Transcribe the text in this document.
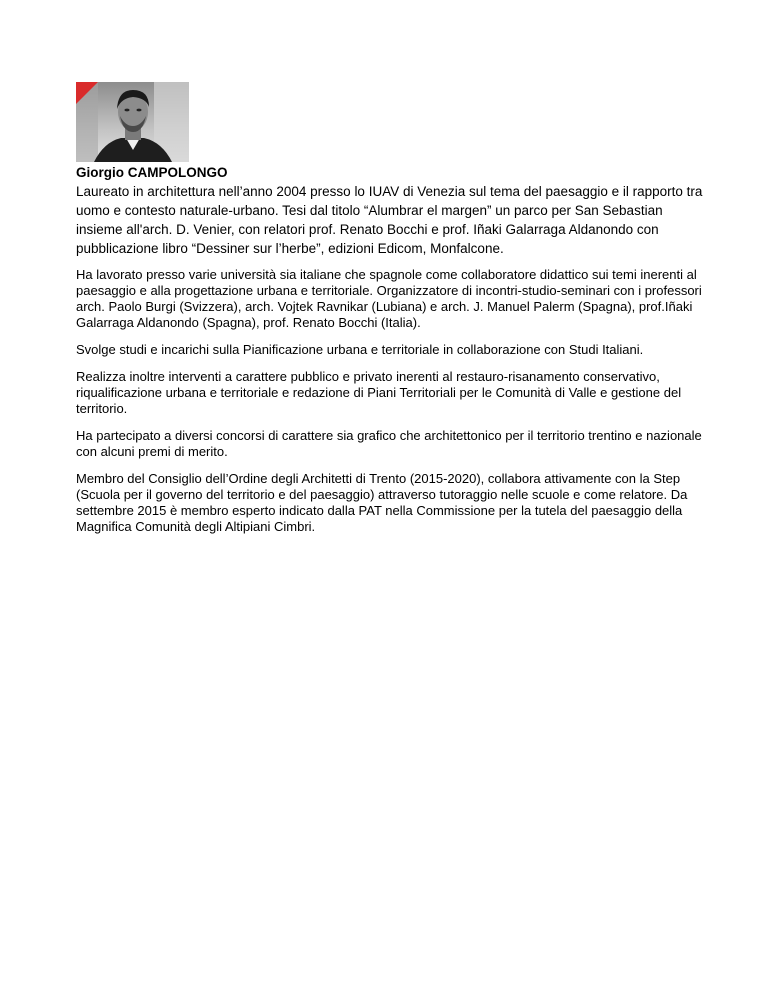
Giorgio CAMPOLONGO

Laureato in architettura nell’anno 2004 presso lo IUAV di Venezia sul tema del paesaggio e il rapporto tra uomo e contesto naturale-urbano. Tesi dal titolo “Alumbrar el margen” un parco per San Sebastian insieme all'arch. D. Venier, con relatori prof. Renato Bocchi e prof. Iñaki Galarraga Aldanondo con pubblicazione libro “Dessiner sur l’herbe”, edizioni Edicom, Monfalcone.

Ha lavorato presso varie università sia italiane che spagnole come collaboratore didattico sui temi inerenti al paesaggio e alla progettazione urbana e territoriale. Organizzatore di incontri-studio-seminari con i professori arch. Paolo Burgi (Svizzera), arch. Vojtek Ravnikar (Lubiana) e arch. J. Manuel Palerm (Spagna), prof.Iñaki Galarraga Aldanondo (Spagna), prof. Renato Bocchi (Italia).

Svolge studi e incarichi sulla Pianificazione urbana e territoriale in collaborazione con Studi Italiani.

Realizza inoltre interventi a carattere pubblico e privato inerenti al restauro-risanamento conservativo, riqualificazione urbana e territoriale e redazione di Piani Territoriali per le Comunità di Valle e gestione del territorio.

Ha partecipato a diversi concorsi di carattere sia grafico che architettonico per il territorio trentino e nazionale con alcuni premi di merito.

Membro del Consiglio dell’Ordine degli Architetti di Trento (2015-2020), collabora attivamente con la Step (Scuola per il governo del territorio e del paesaggio) attraverso tutoraggio nelle scuole e come relatore. Da settembre 2015 è membro esperto indicato dalla PAT nella Commissione per la tutela del paesaggio della Magnifica Comunità degli Altipiani Cimbri.
